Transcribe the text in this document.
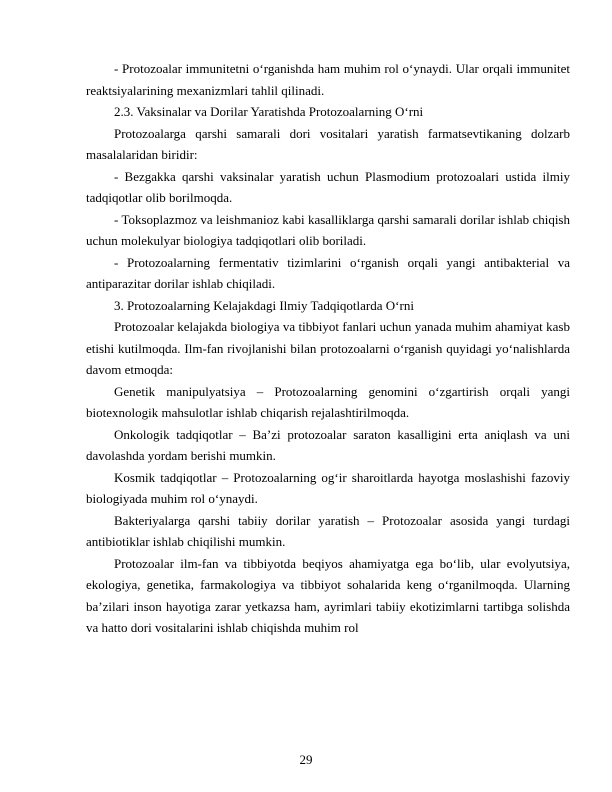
- Protozoalar immunitetni o‘rganishda ham muhim rol o‘ynaydi. Ular orqali immunitet reaktsiyalarining mexanizmlari tahlil qilinadi.

2.3. Vaksinalar va Dorilar Yaratishda Protozoalarning O‘rni

Protozoalarga qarshi samarali dori vositalari yaratish farmatsevtikaning dolzarb masalalaridan biridir:

- Bezgakka qarshi vaksinalar yaratish uchun Plasmodium protozoalari ustida ilmiy tadqiqotlar olib borilmoqda.

- Toksoplazmoz va leishmanioz kabi kasalliklarga qarshi samarali dorilar ishlab chiqish uchun molekulyar biologiya tadqiqotlari olib boriladi.

- Protozoalarning fermentativ tizimlarini o‘rganish orqali yangi antibakterial va antiparazitar dorilar ishlab chiqiladi.

3. Protozoalarning Kelajakdagi Ilmiy Tadqiqotlarda O‘rni

Protozoalar kelajakda biologiya va tibbiyot fanlari uchun yanada muhim ahamiyat kasb etishi kutilmoqda. Ilm-fan rivojlanishi bilan protozoalarni o‘rganish quyidagi yo‘nalishlarda davom etmoqda:

Genetik manipulyatsiya – Protozoalarning genomini o‘zgartirish orqali yangi biotexnologik mahsulotlar ishlab chiqarish rejalashtirilmoqda.

Onkologik tadqiqotlar – Ba’zi protozoalar saraton kasalligini erta aniqlash va uni davolashda yordam berishi mumkin.

Kosmik tadqiqotlar – Protozoalarning og‘ir sharoitlarda hayotga moslashishi fazoviy biologiyada muhim rol o‘ynaydi.

Bakteriyalarga qarshi tabiiy dorilar yaratish – Protozoalar asosida yangi turdagi antibiotiklar ishlab chiqilishi mumkin.

Protozoalar ilm-fan va tibbiyotda beqiyos ahamiyatga ega bo‘lib, ular evolyutsiya, ekologiya, genetika, farmakologiya va tibbiyot sohalarida keng o‘rganilmoqda. Ularning ba’zilari inson hayotiga zarar yetkazsa ham, ayrimlari tabiiy ekotizimlarni tartibga solishda va hatto dori vositalarini ishlab chiqishda muhim rol

29
